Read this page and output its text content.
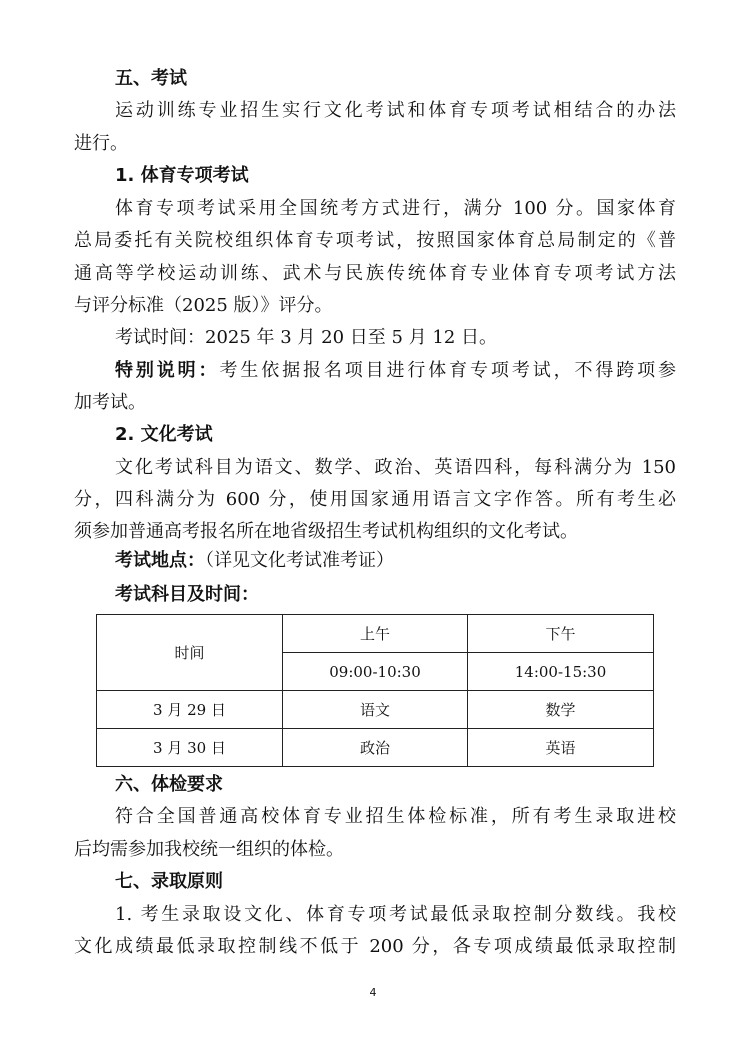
五、考试
运动训练专业招生实行文化考试和体育专项考试相结合的办法
进行。
1. 体育专项考试
体育专项考试采用全国统考方式进行，满分 100 分。国家体育
总局委托有关院校组织体育专项考试，按照国家体育总局制定的《普
通高等学校运动训练、武术与民族传统体育专业体育专项考试方法
与评分标准（2025 版）》评分。
考试时间：2025 年 3 月 20 日至 5 月 12 日。
特别说明：考生依据报名项目进行体育专项考试，不得跨项参
加考试。
2. 文化考试
文化考试科目为语文、数学、政治、英语四科，每科满分为 150
分，四科满分为 600 分，使用国家通用语言文字作答。所有考生必
须参加普通高考报名所在地省级招生考试机构组织的文化考试。
考试地点：（详见文化考试准考证）
考试科目及时间：
时间	上午	下午
	09:00-10:30	14:00-15:30
3 月 29 日	语文	数学
3 月 30 日	政治	英语
六、体检要求
符合全国普通高校体育专业招生体检标准，所有考生录取进校
后均需参加我校统一组织的体检。
七、录取原则
1. 考生录取设文化、体育专项考试最低录取控制分数线。我校
文化成绩最低录取控制线不低于 200 分，各专项成绩最低录取控制
4
